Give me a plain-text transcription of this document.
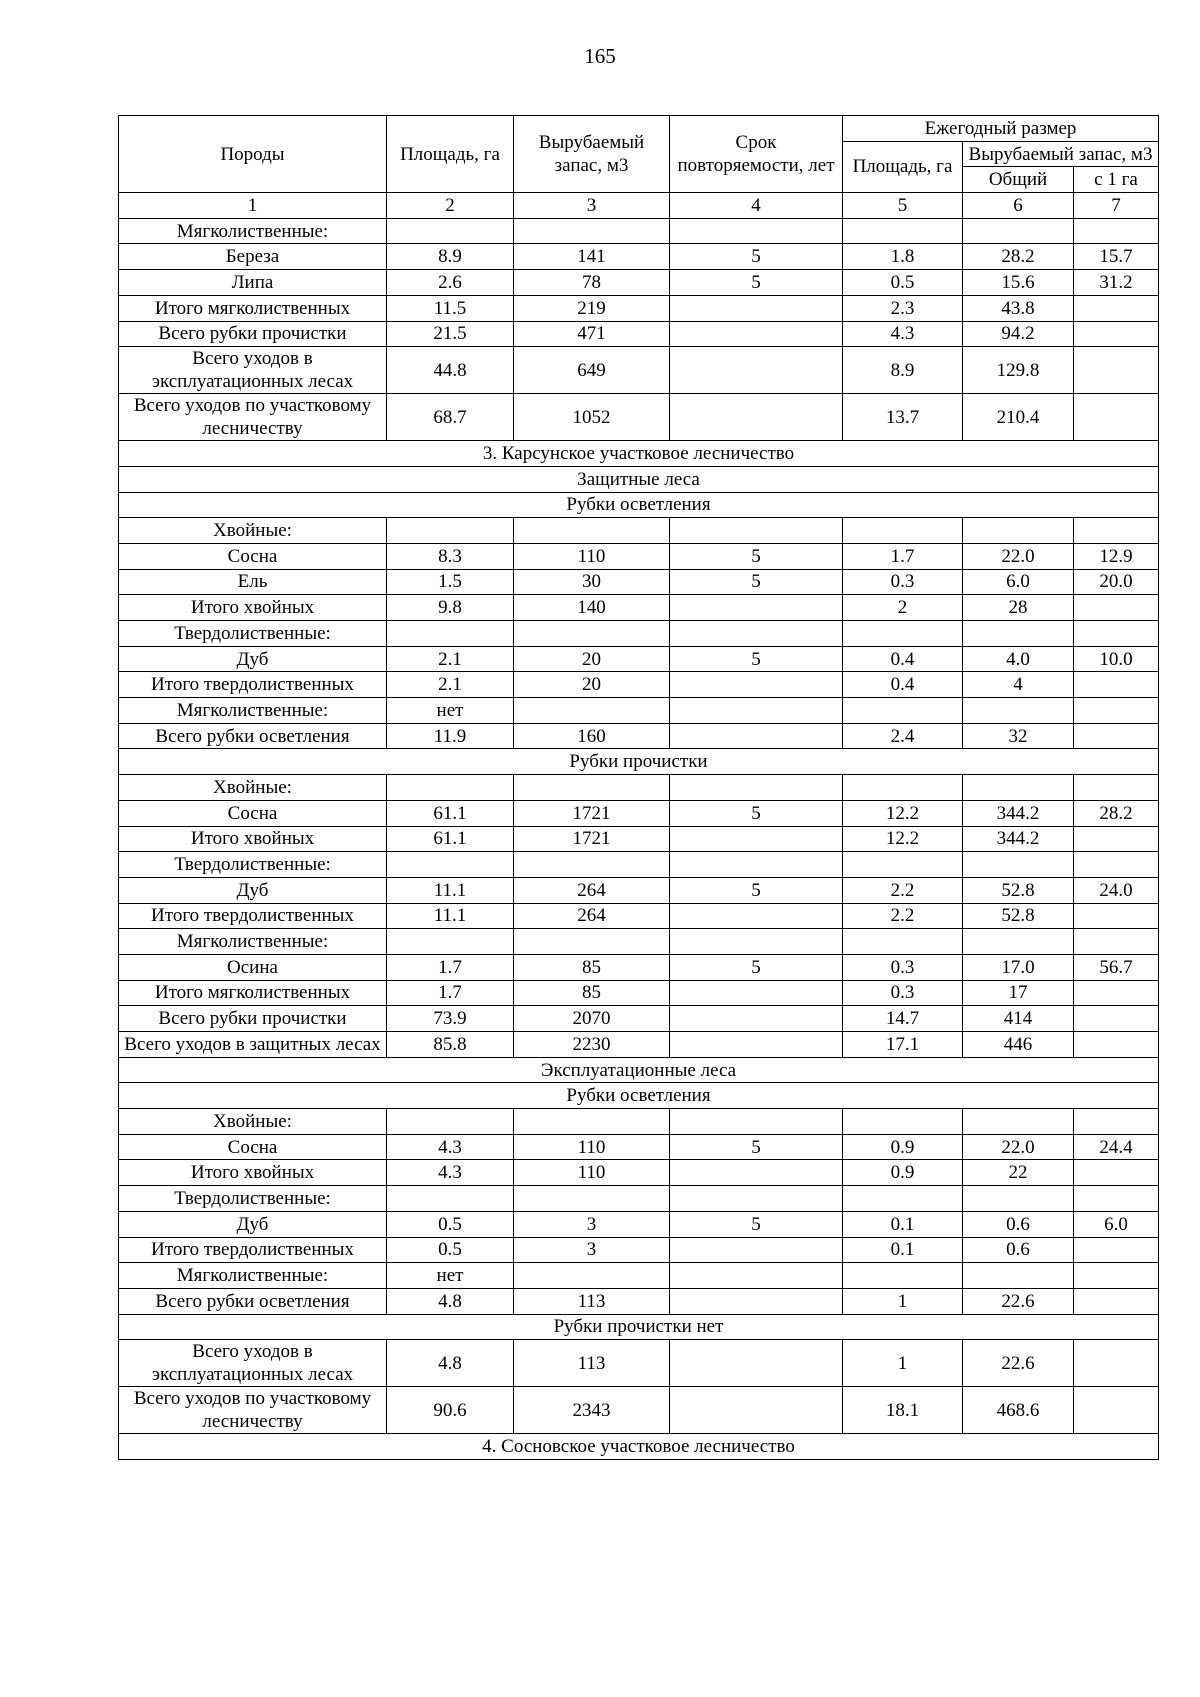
165
Породы	Площадь, га	Вырубаемый запас, м3	Срок повторяемости, лет	Ежегодный размер		
				Площадь, га	Вырубаемый запас, м3	
					Общий	с 1 га
1	2	3	4	5	6	7
Мягколиственные:						
Береза	8.9	141	5	1.8	28.2	15.7
Липа	2.6	78	5	0.5	15.6	31.2
Итого мягколиственных	11.5	219		2.3	43.8	
Всего рубки прочистки	21.5	471		4.3	94.2	
Всего уходов в эксплуатационных лесах	44.8	649		8.9	129.8	
Всего уходов по участковому лесничеству	68.7	1052		13.7	210.4	
3. Карсунское участковое лесничество						
Защитные леса						
Рубки осветления						
Хвойные:						
Сосна	8.3	110	5	1.7	22.0	12.9
Ель	1.5	30	5	0.3	6.0	20.0
Итого хвойных	9.8	140		2	28	
Твердолиственные:						
Дуб	2.1	20	5	0.4	4.0	10.0
Итого твердолиственных	2.1	20		0.4	4	
Мягколиственные:	нет					
Всего рубки осветления	11.9	160		2.4	32	
Рубки прочистки						
Хвойные:						
Сосна	61.1	1721	5	12.2	344.2	28.2
Итого хвойных	61.1	1721		12.2	344.2	
Твердолиственные:						
Дуб	11.1	264	5	2.2	52.8	24.0
Итого твердолиственных	11.1	264		2.2	52.8	
Мягколиственные:						
Осина	1.7	85	5	0.3	17.0	56.7
Итого мягколиственных	1.7	85		0.3	17	
Всего рубки прочистки	73.9	2070		14.7	414	
Всего уходов в защитных лесах	85.8	2230		17.1	446	
Эксплуатационные леса						
Рубки осветления						
Хвойные:						
Сосна	4.3	110	5	0.9	22.0	24.4
Итого хвойных	4.3	110		0.9	22	
Твердолиственные:						
Дуб	0.5	3	5	0.1	0.6	6.0
Итого твердолиственных	0.5	3		0.1	0.6	
Мягколиственные:	нет					
Всего рубки осветления	4.8	113		1	22.6	
Рубки прочистки нет						
Всего уходов в эксплуатационных лесах	4.8	113		1	22.6	
Всего уходов по участковому лесничеству	90.6	2343		18.1	468.6	
4. Сосновское участковое лесничество						
